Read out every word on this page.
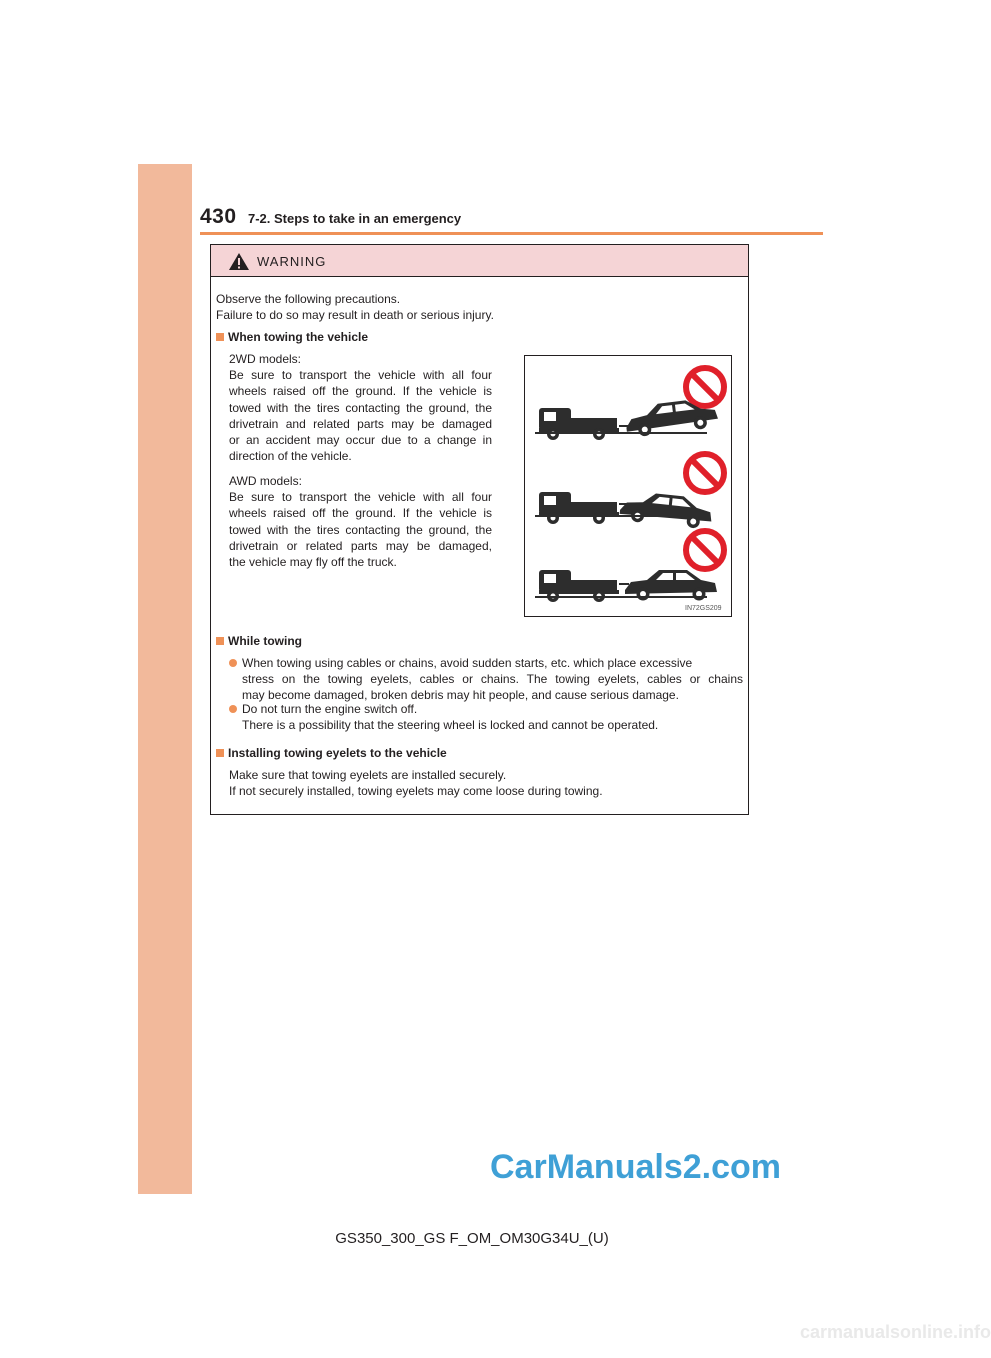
430 7-2. Steps to take in an emergency
WARNING
Observe the following precautions.
Failure to do so may result in death or serious injury.
When towing the vehicle
2WD models:
Be sure to transport the vehicle with all four
wheels raised off the ground. If the vehicle is
towed with the tires contacting the ground, the
drivetrain and related parts may be damaged
or an accident may occur due to a change in
direction of the vehicle.
AWD models:
Be sure to transport the vehicle with all four
wheels raised off the ground. If the vehicle is
towed with the tires contacting the ground, the
drivetrain or related parts may be damaged,
the vehicle may fly off the truck.
While towing
When towing using cables or chains, avoid sudden starts, etc. which place excessive
stress on the towing eyelets, cables or chains. The towing eyelets, cables or chains
may become damaged, broken debris may hit people, and cause serious damage.
Do not turn the engine switch off.
There is a possibility that the steering wheel is locked and cannot be operated.
Installing towing eyelets to the vehicle
Make sure that towing eyelets are installed securely.
If not securely installed, towing eyelets may come loose during towing.
IN72GS209
CarManuals2.com
GS350_300_GS F_OM_OM30G34U_(U)
carmanualsonline.info
